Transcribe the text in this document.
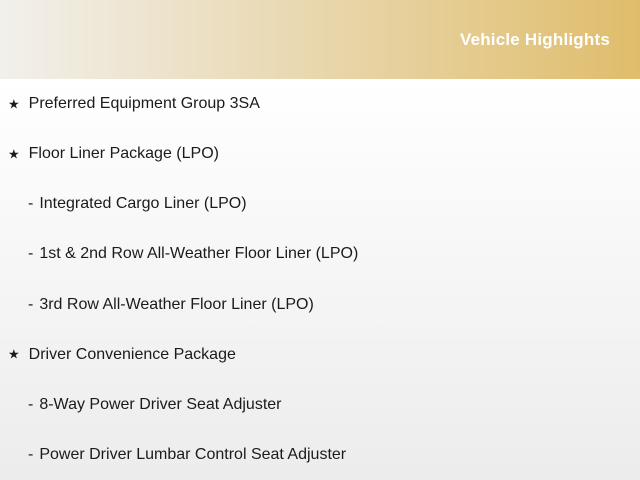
Vehicle Highlights
★ Preferred Equipment Group 3SA
★ Floor Liner Package (LPO)
- Integrated Cargo Liner (LPO)
- 1st & 2nd Row All-Weather Floor Liner (LPO)
- 3rd Row All-Weather Floor Liner (LPO)
★ Driver Convenience Package
- 8-Way Power Driver Seat Adjuster
- Power Driver Lumbar Control Seat Adjuster
